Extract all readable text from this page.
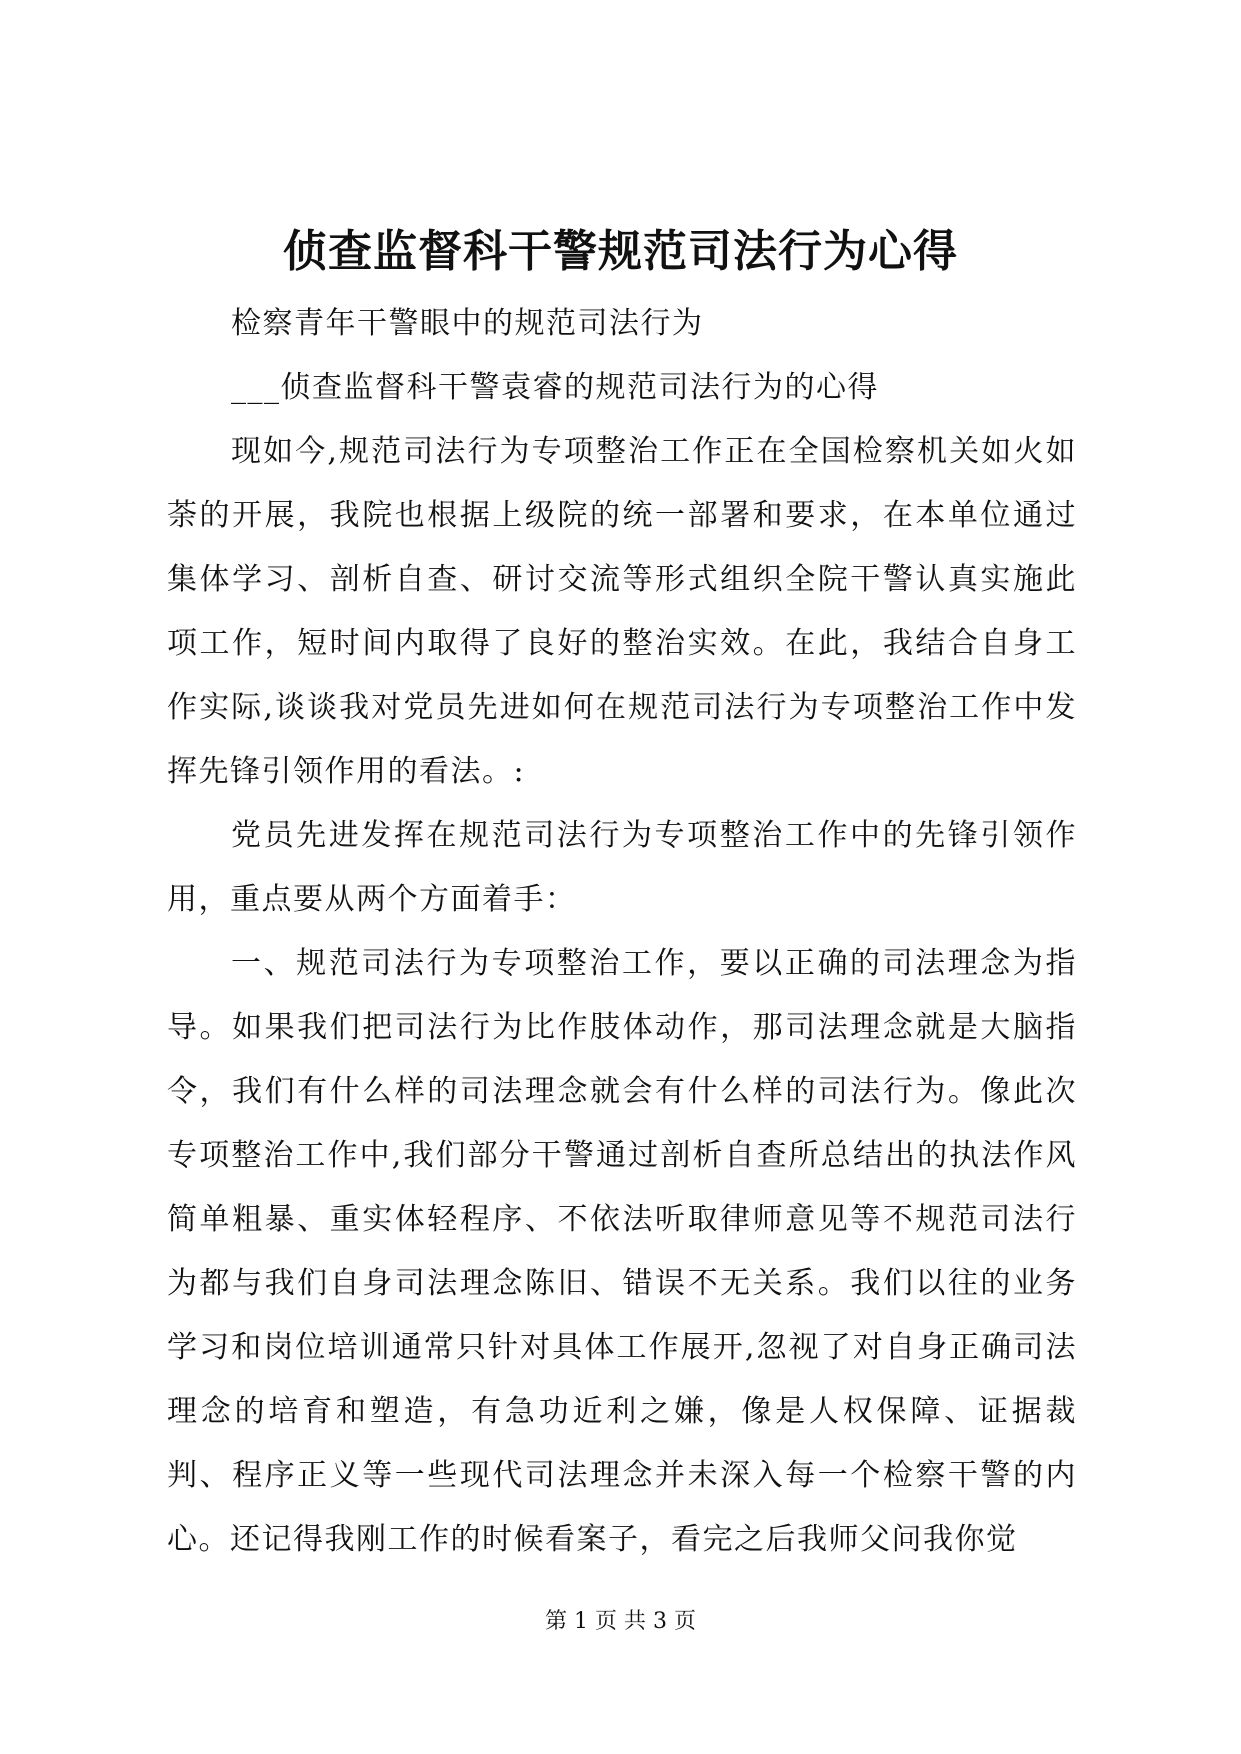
侦查监督科干警规范司法行为心得

检察青年干警眼中的规范司法行为

___侦查监督科干警袁睿的规范司法行为的心得

现如今,规范司法行为专项整治工作正在全国检察机关如火如荼的开展，我院也根据上级院的统一部署和要求，在本单位通过集体学习、剖析自查、研讨交流等形式组织全院干警认真实施此项工作，短时间内取得了良好的整治实效。在此，我结合自身工作实际,谈谈我对党员先进如何在规范司法行为专项整治工作中发挥先锋引领作用的看法。:

党员先进发挥在规范司法行为专项整治工作中的先锋引领作用，重点要从两个方面着手：

一、规范司法行为专项整治工作，要以正确的司法理念为指导。如果我们把司法行为比作肢体动作，那司法理念就是大脑指令，我们有什么样的司法理念就会有什么样的司法行为。像此次专项整治工作中,我们部分干警通过剖析自查所总结出的执法作风简单粗暴、重实体轻程序、不依法听取律师意见等不规范司法行为都与我们自身司法理念陈旧、错误不无关系。我们以往的业务学习和岗位培训通常只针对具体工作展开,忽视了对自身正确司法理念的培育和塑造，有急功近利之嫌，像是人权保障、证据裁判、程序正义等一些现代司法理念并未深入每一个检察干警的内心。还记得我刚工作的时候看案子，看完之后我师父问我你觉

第 1 页 共 3 页
